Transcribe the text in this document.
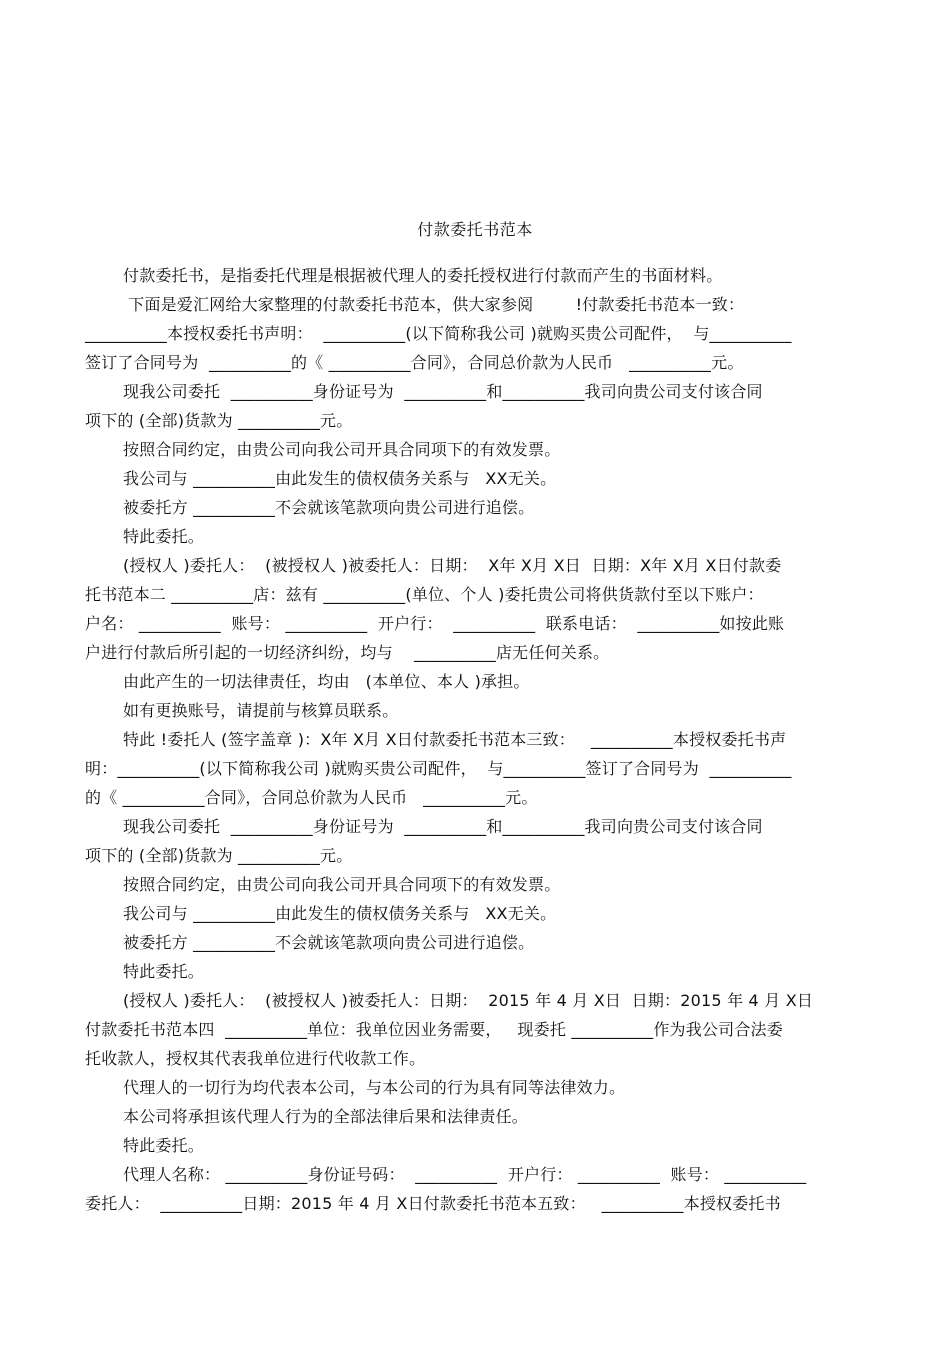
付款委托书范本
付款委托书，是指委托代理是根据被代理人的委托授权进行付款而产生的书面材料。
下面是爱汇网给大家整理的付款委托书范本，供大家参阅        !付款委托书范本一致：
__________本授权委托书声明：  __________(以下简称我公司 )就购买贵公司配件，  与__________
签订了合同号为  __________的《 __________合同》，合同总价款为人民币   __________元。
现我公司委托  __________身份证号为  __________和__________我司向贵公司支付该合同
项下的 (全部)货款为 __________元。
按照合同约定，由贵公司向我公司开具合同项下的有效发票。
我公司与 __________由此发生的债权债务关系与   XX无关。
被委托方 __________不会就该笔款项向贵公司进行追偿。
特此委托。
(授权人 )委托人：  (被授权人 )被委托人：日期：  X年 X月 X日  日期：X年 X月 X日付款委
托书范本二 __________店：兹有 __________(单位、个人 )委托贵公司将供货款付至以下账户：
户名： __________  账号： __________  开户行：  __________  联系电话：  __________如按此账
户进行付款后所引起的一切经济纠纷，均与    __________店无任何关系。
由此产生的一切法律责任，均由   (本单位、本人 )承担。
如有更换账号，请提前与核算员联系。
特此 !委托人 (签字盖章 )：X年 X月 X日付款委托书范本三致：   __________本授权委托书声
明：__________(以下简称我公司 )就购买贵公司配件，  与__________签订了合同号为  __________
的《 __________合同》，合同总价款为人民币   __________元。
现我公司委托  __________身份证号为  __________和__________我司向贵公司支付该合同
项下的 (全部)货款为 __________元。
按照合同约定，由贵公司向我公司开具合同项下的有效发票。
我公司与 __________由此发生的债权债务关系与   XX无关。
被委托方 __________不会就该笔款项向贵公司进行追偿。
特此委托。
(授权人 )委托人：  (被授权人 )被委托人：日期：  2015 年 4 月 X日  日期：2015 年 4 月 X日
付款委托书范本四  __________单位：我单位因业务需要，   现委托 __________作为我公司合法委
托收款人，授权其代表我单位进行代收款工作。
代理人的一切行为均代表本公司，与本公司的行为具有同等法律效力。
本公司将承担该代理人行为的全部法律后果和法律责任。
特此委托。
代理人名称： __________身份证号码：  __________  开户行： __________  账号： __________
委托人：  __________日期：2015 年 4 月 X日付款委托书范本五致：   __________本授权委托书
